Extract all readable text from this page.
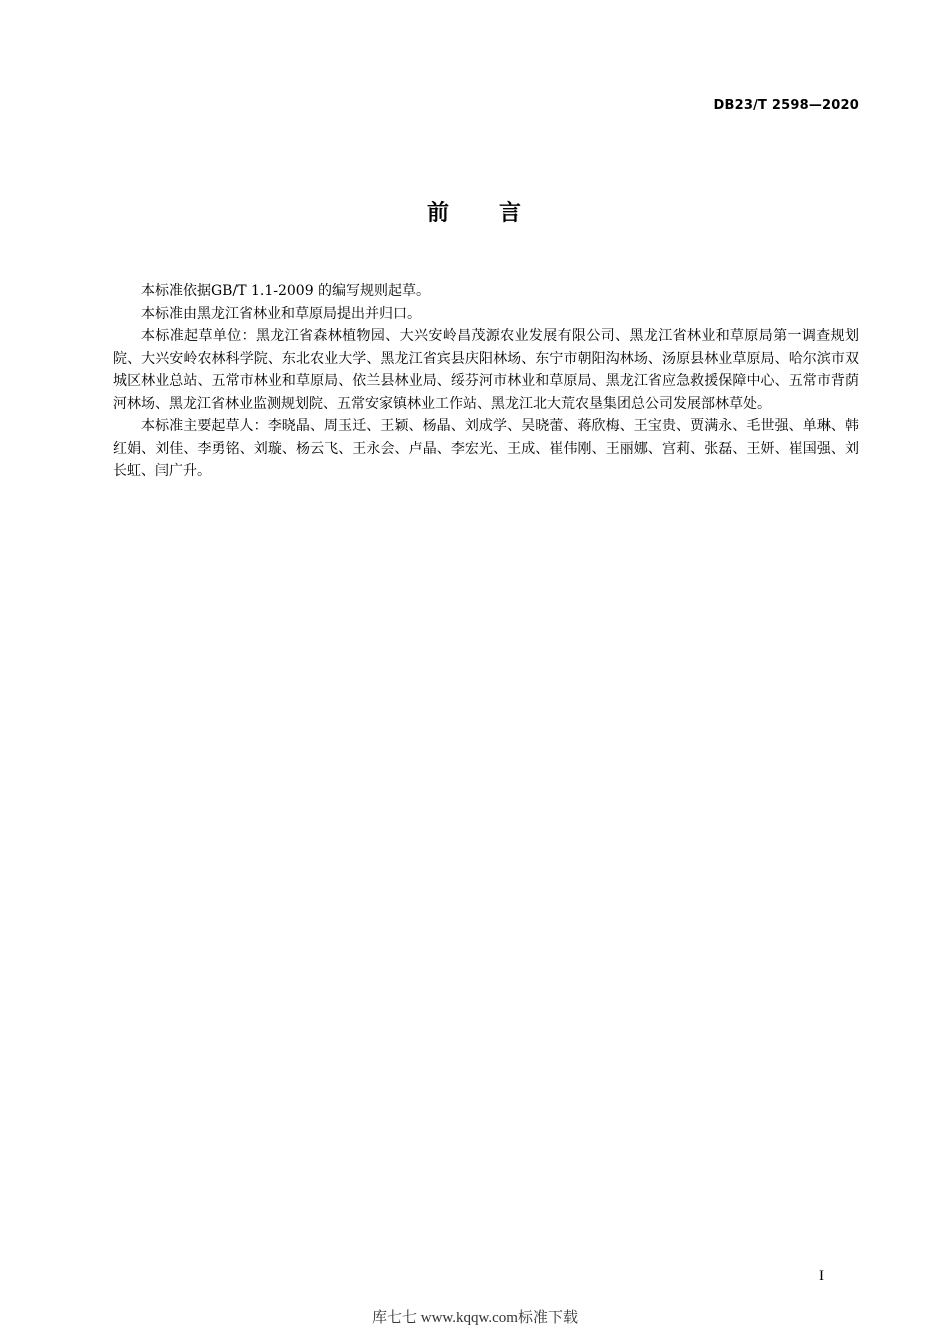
DB23/T 2598—2020
前 言

本标准依据GB/T 1.1-2009 的编写规则起草。

本标准由黑龙江省林业和草原局提出并归口。

本标准起草单位：黑龙江省森林植物园、大兴安岭昌茂源农业发展有限公司、黑龙江省林业和草原局第一调查规划院、大兴安岭农林科学院、东北农业大学、黑龙江省宾县庆阳林场、东宁市朝阳沟林场、汤原县林业草原局、哈尔滨市双城区林业总站、五常市林业和草原局、依兰县林业局、绥芬河市林业和草原局、黑龙江省应急救援保障中心、五常市背荫河林场、黑龙江省林业监测规划院、五常安家镇林业工作站、黑龙江北大荒农垦集团总公司发展部林草处。

本标准主要起草人：李晓晶、周玉迁、王颖、杨晶、刘成学、吴晓蕾、蒋欣梅、王宝贵、贾满永、毛世强、单琳、韩红娟、刘佳、李勇铭、刘璇、杨云飞、王永会、卢晶、李宏光、王成、崔伟刚、王丽娜、宫莉、张磊、王妍、崔国强、刘长虹、闫广升。

I
库七七 www.kqqw.com标准下载
